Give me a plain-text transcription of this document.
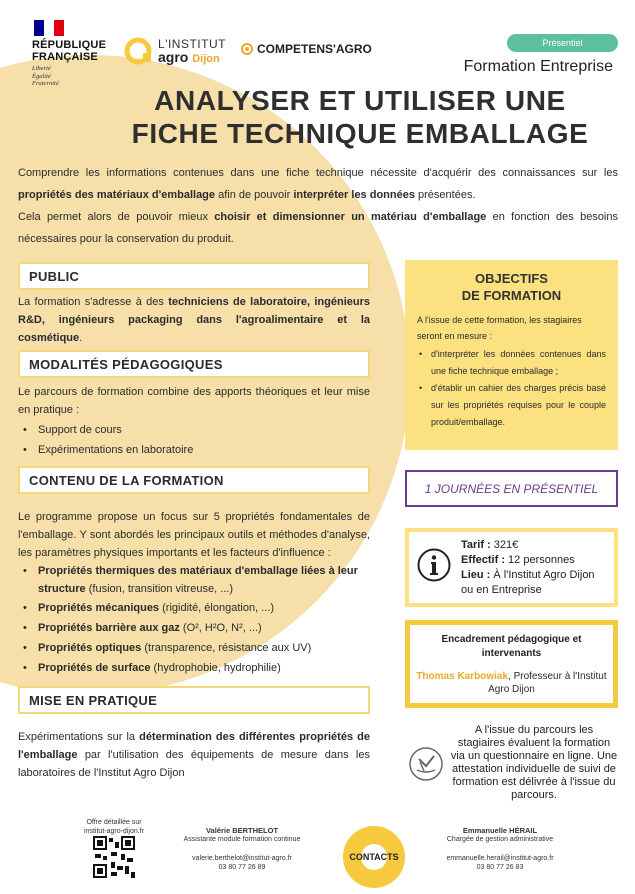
RÉPUBLIQUE
FRANÇAISE
Liberté
Égalité
Fraternité
L'INSTITUT
agro Dijon
COMPETENS'AGRO	Présentiel
Formation Entreprise
ANALYSER ET UTILISER UNE
FICHE TECHNIQUE EMBALLAGE
Comprendre les informations contenues dans une fiche technique nécessite d'acquérir des connaissances sur les propriétés des matériaux d'emballage afin de pouvoir interpréter les données présentées.
Cela permet alors de pouvoir mieux choisir et dimensionner un matériau d'emballage en fonction des besoins nécessaires pour la conservation du produit.
PUBLIC
La formation s'adresse à des techniciens de laboratoire, ingénieurs R&D, ingénieurs packaging dans l'agroalimentaire et la cosmétique.
MODALITÉS PÉDAGOGIQUES
Le parcours de formation combine des apports théoriques et leur mise en pratique :
• Support de cours
• Expérimentations en laboratoire
CONTENU DE LA FORMATION
Le programme propose un focus sur 5 propriétés fondamentales de l'emballage. Y sont abordés les principaux outils et méthodes d'analyse, les paramètres physiques importants et les facteurs d'influence :
• Propriétés thermiques des matériaux d'emballage liées à leur structure (fusion, transition vitreuse, ...)
• Propriétés mécaniques (rigidité, élongation, ...)
• Propriétés barrière aux gaz (O², H²O, N², ...)
• Propriétés optiques (transparence, résistance aux UV)
• Propriétés de surface (hydrophobie, hydrophilie)
MISE EN PRATIQUE
Expérimentations sur la détermination des différentes propriétés de l'emballage par l'utilisation des équipements de mesure dans les laboratoires de l'Institut Agro Dijon
OBJECTIFS
DE FORMATION
A l'issue de cette formation, les stagiaires seront en mesure :
• d'interpréter les données contenues dans une fiche technique emballage ;
• d'établir un cahier des charges précis basé sur les propriétés requises pour le couple produit/emballage.
1 JOURNÉES EN PRÉSENTIEL
Tarif : 321€
Effectif : 12 personnes
Lieu : À l'Institut Agro Dijon
ou en Entreprise
Encadrement pédagogique et intervenants
Thomas Karbowiak, Professeur à l'Institut Agro Dijon
A l'issue du parcours les stagiaires évaluent la formation via un questionnaire en ligne. Une attestation individuelle de suivi de formation est délivrée à l'issue du parcours.
Offre détaillée sur institut-agro-dijon.fr	Valérie BERTHELOT
Assistante module formation continue
valerie.berthelot@institut-agro.fr
03 80 77 26 89
CONTACTS
Emmanuelle HÉRAIL
Chargée de gestion administrative
emmanuelle.herail@institut-agro.fr
03 80 77 26 83
